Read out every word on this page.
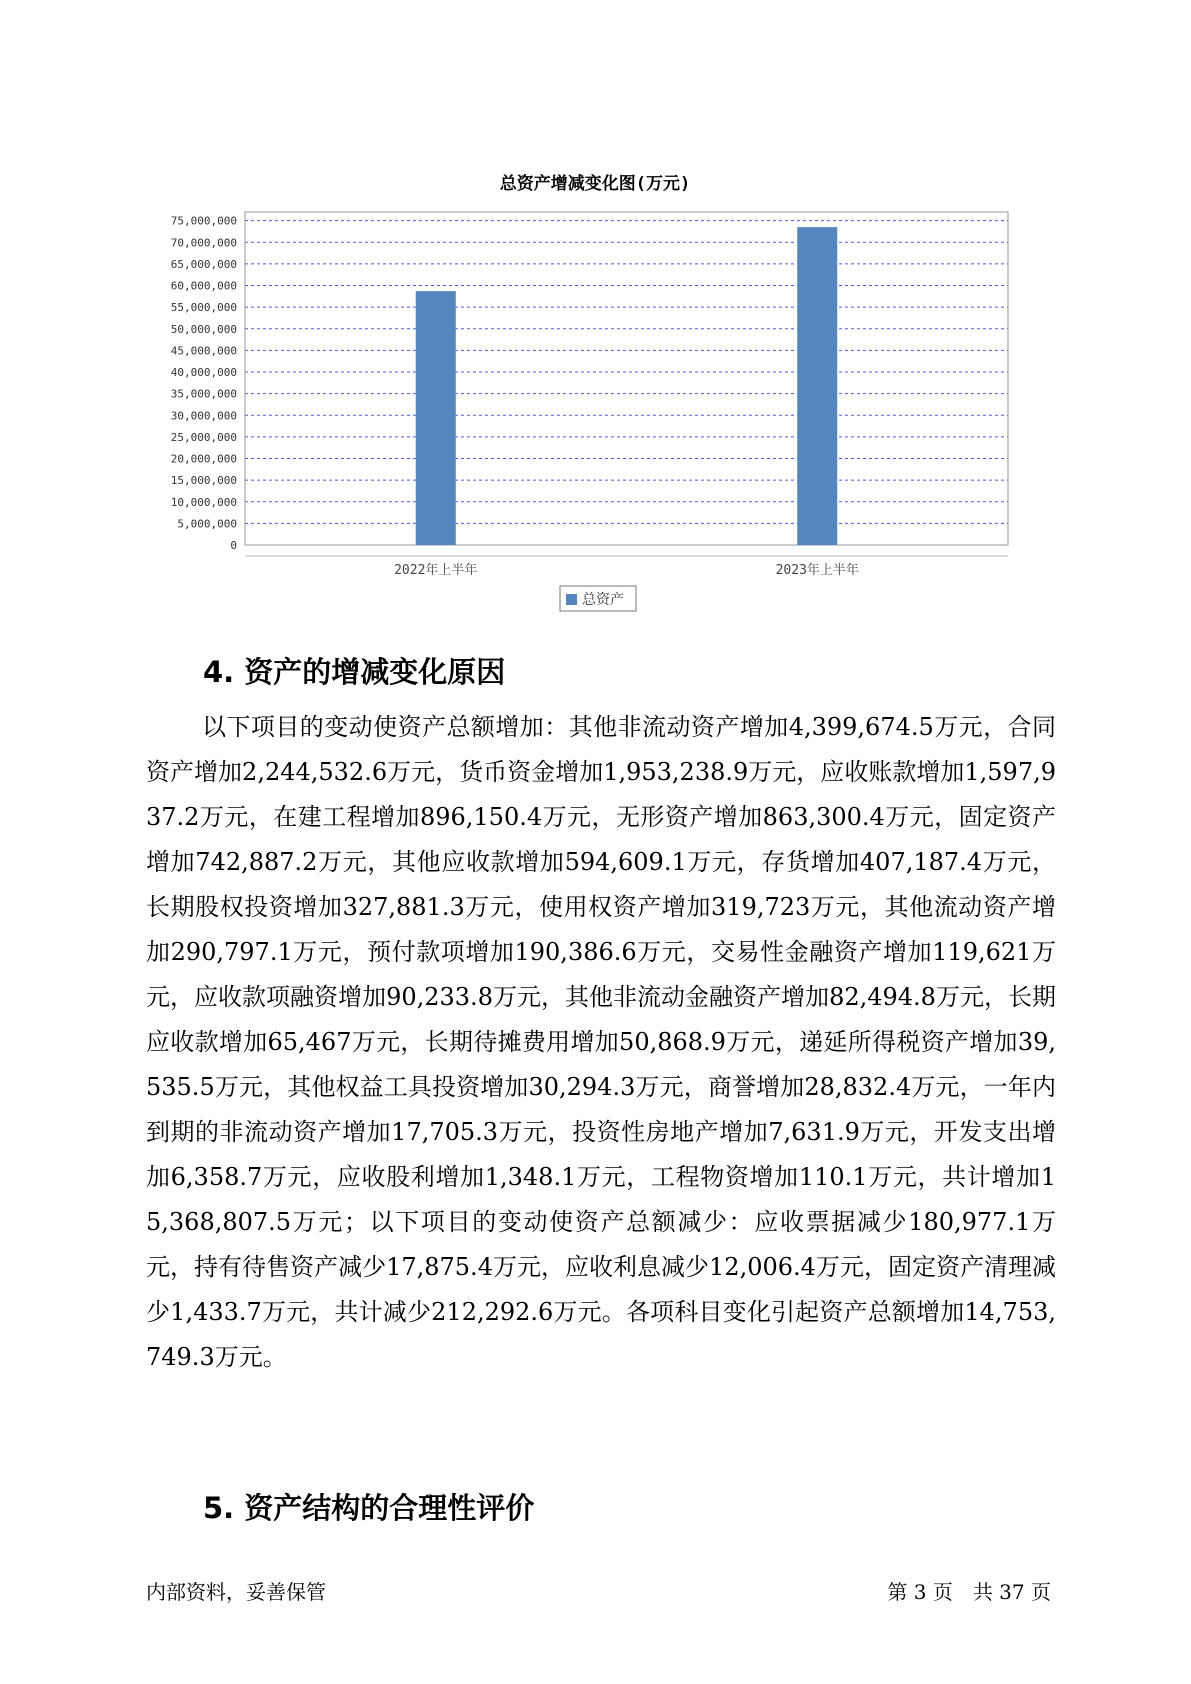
总资产增减变化图(万元)
0
5,000,000
10,000,000
15,000,000
20,000,000
25,000,000
30,000,000
35,000,000
40,000,000
45,000,000
50,000,000
55,000,000
60,000,000
65,000,000
70,000,000
75,000,000
2022年上半年	2023年上半年
总资产
4. 资产的增减变化原因

以下项目的变动使资产总额增加：其他非流动资产增加4,399,674.5万元，合同资产增加2,244,532.6万元，货币资金增加1,953,238.9万元，应收账款增加1,597,937.2万元，在建工程增加896,150.4万元，无形资产增加863,300.4万元，固定资产增加742,887.2万元，其他应收款增加594,609.1万元，存货增加407,187.4万元，长期股权投资增加327,881.3万元，使用权资产增加319,723万元，其他流动资产增加290,797.1万元，预付款项增加190,386.6万元，交易性金融资产增加119,621万元，应收款项融资增加90,233.8万元，其他非流动金融资产增加82,494.8万元，长期应收款增加65,467万元，长期待摊费用增加50,868.9万元，递延所得税资产增加39,535.5万元，其他权益工具投资增加30,294.3万元，商誉增加28,832.4万元，一年内到期的非流动资产增加17,705.3万元，投资性房地产增加7,631.9万元，开发支出增加6,358.7万元，应收股利增加1,348.1万元，工程物资增加110.1万元，共计增加15,368,807.5万元；以下项目的变动使资产总额减少：应收票据减少180,977.1万元，持有待售资产减少17,875.4万元，应收利息减少12,006.4万元，固定资产清理减少1,433.7万元，共计减少212,292.6万元。各项科目变化引起资产总额增加14,753,749.3万元。

5. 资产结构的合理性评价
内部资料，妥善保管	第 3 页　共 37 页
